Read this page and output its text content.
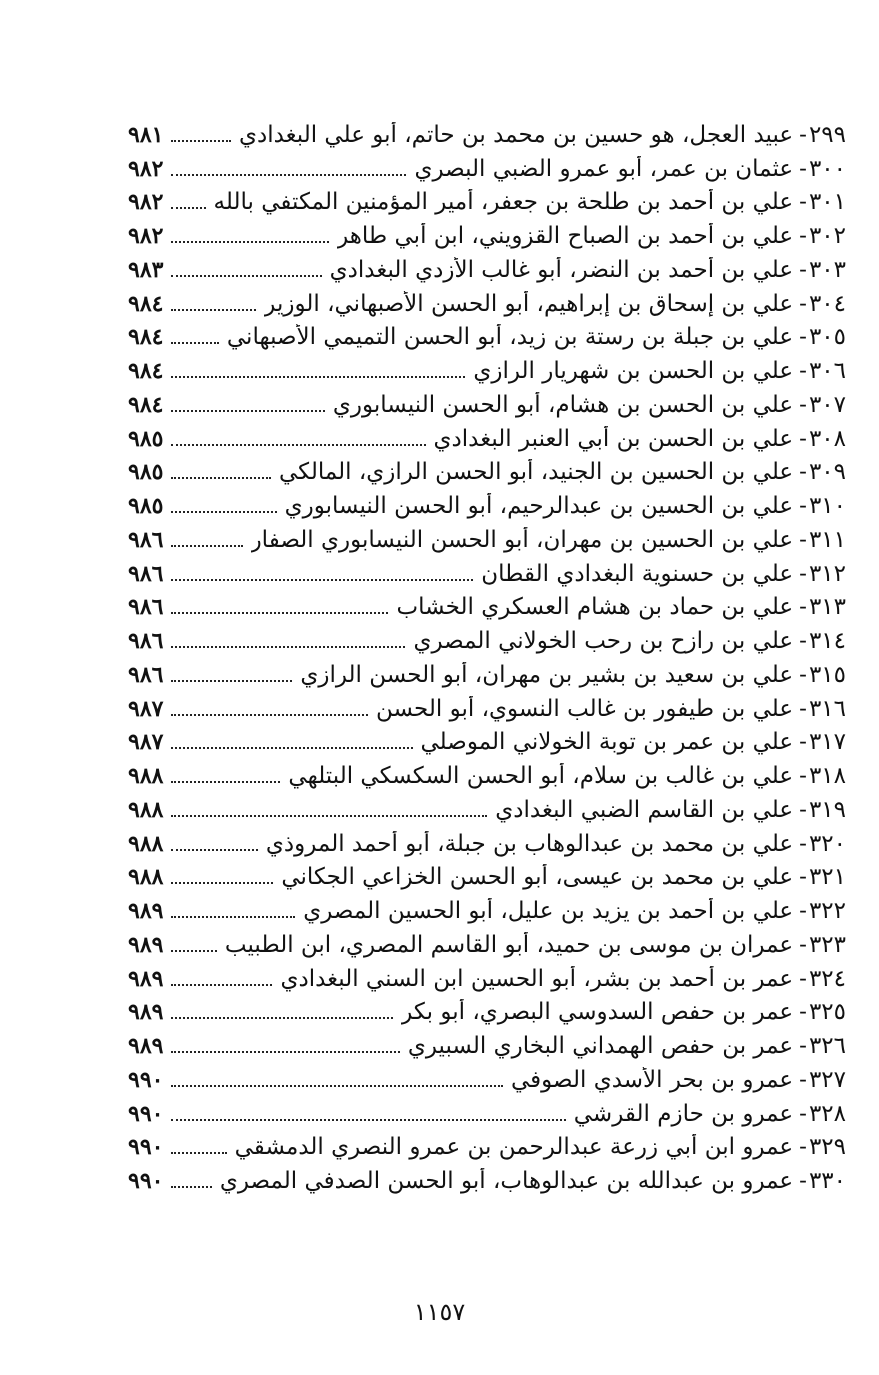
٢٩٩
-
عبيد العجل، هو حسين بن محمد بن حاتم، أبو علي البغدادي
٩٨١
٣٠٠
-
عثمان بن عمر، أبو عمرو الضبي البصري
٩٨٢
٣٠١
-
علي بن أحمد بن طلحة بن جعفر، أمير المؤمنين المكتفي بالله
٩٨٢
٣٠٢
-
علي بن أحمد بن الصباح القزويني، ابن أبي طاهر
٩٨٢
٣٠٣
-
علي بن أحمد بن النضر، أبو غالب الأزدي البغدادي
٩٨٣
٣٠٤
-
علي بن إسحاق بن إبراهيم، أبو الحسن الأصبهاني، الوزير
٩٨٤
٣٠٥
-
علي بن جبلة بن رستة بن زيد، أبو الحسن التميمي الأصبهاني
٩٨٤
٣٠٦
-
علي بن الحسن بن شهريار الرازي
٩٨٤
٣٠٧
-
علي بن الحسن بن هشام، أبو الحسن النيسابوري
٩٨٤
٣٠٨
-
علي بن الحسن بن أبي العنبر البغدادي
٩٨٥
٣٠٩
-
علي بن الحسين بن الجنيد، أبو الحسن الرازي، المالكي
٩٨٥
٣١٠
-
علي بن الحسين بن عبدالرحيم، أبو الحسن النيسابوري
٩٨٥
٣١١
-
علي بن الحسين بن مهران، أبو الحسن النيسابوري الصفار
٩٨٦
٣١٢
-
علي بن حسنوية البغدادي القطان
٩٨٦
٣١٣
-
علي بن حماد بن هشام العسكري الخشاب
٩٨٦
٣١٤
-
علي بن رازح بن رحب الخولاني المصري
٩٨٦
٣١٥
-
علي بن سعيد بن بشير بن مهران، أبو الحسن الرازي
٩٨٦
٣١٦
-
علي بن طيفور بن غالب النسوي، أبو الحسن
٩٨٧
٣١٧
-
علي بن عمر بن توبة الخولاني الموصلي
٩٨٧
٣١٨
-
علي بن غالب بن سلام، أبو الحسن السكسكي البتلهي
٩٨٨
٣١٩
-
علي بن القاسم الضبي البغدادي
٩٨٨
٣٢٠
-
علي بن محمد بن عبدالوهاب بن جبلة، أبو أحمد المروذي
٩٨٨
٣٢١
-
علي بن محمد بن عيسى، أبو الحسن الخزاعي الجكاني
٩٨٨
٣٢٢
-
علي بن أحمد بن يزيد بن عليل، أبو الحسين المصري
٩٨٩
٣٢٣
-
عمران بن موسى بن حميد، أبو القاسم المصري، ابن الطبيب
٩٨٩
٣٢٤
-
عمر بن أحمد بن بشر، أبو الحسين ابن السني البغدادي
٩٨٩
٣٢٥
-
عمر بن حفص السدوسي البصري، أبو بكر
٩٨٩
٣٢٦
-
عمر بن حفص الهمداني البخاري السبيري
٩٨٩
٣٢٧
-
عمرو بن بحر الأسدي الصوفي
٩٩٠
٣٢٨
-
عمرو بن حازم القرشي
٩٩٠
٣٢٩
-
عمرو ابن أبي زرعة عبدالرحمن بن عمرو النصري الدمشقي
٩٩٠
٣٣٠
-
عمرو بن عبدالله بن عبدالوهاب، أبو الحسن الصدفي المصري
٩٩٠
١١٥٧
